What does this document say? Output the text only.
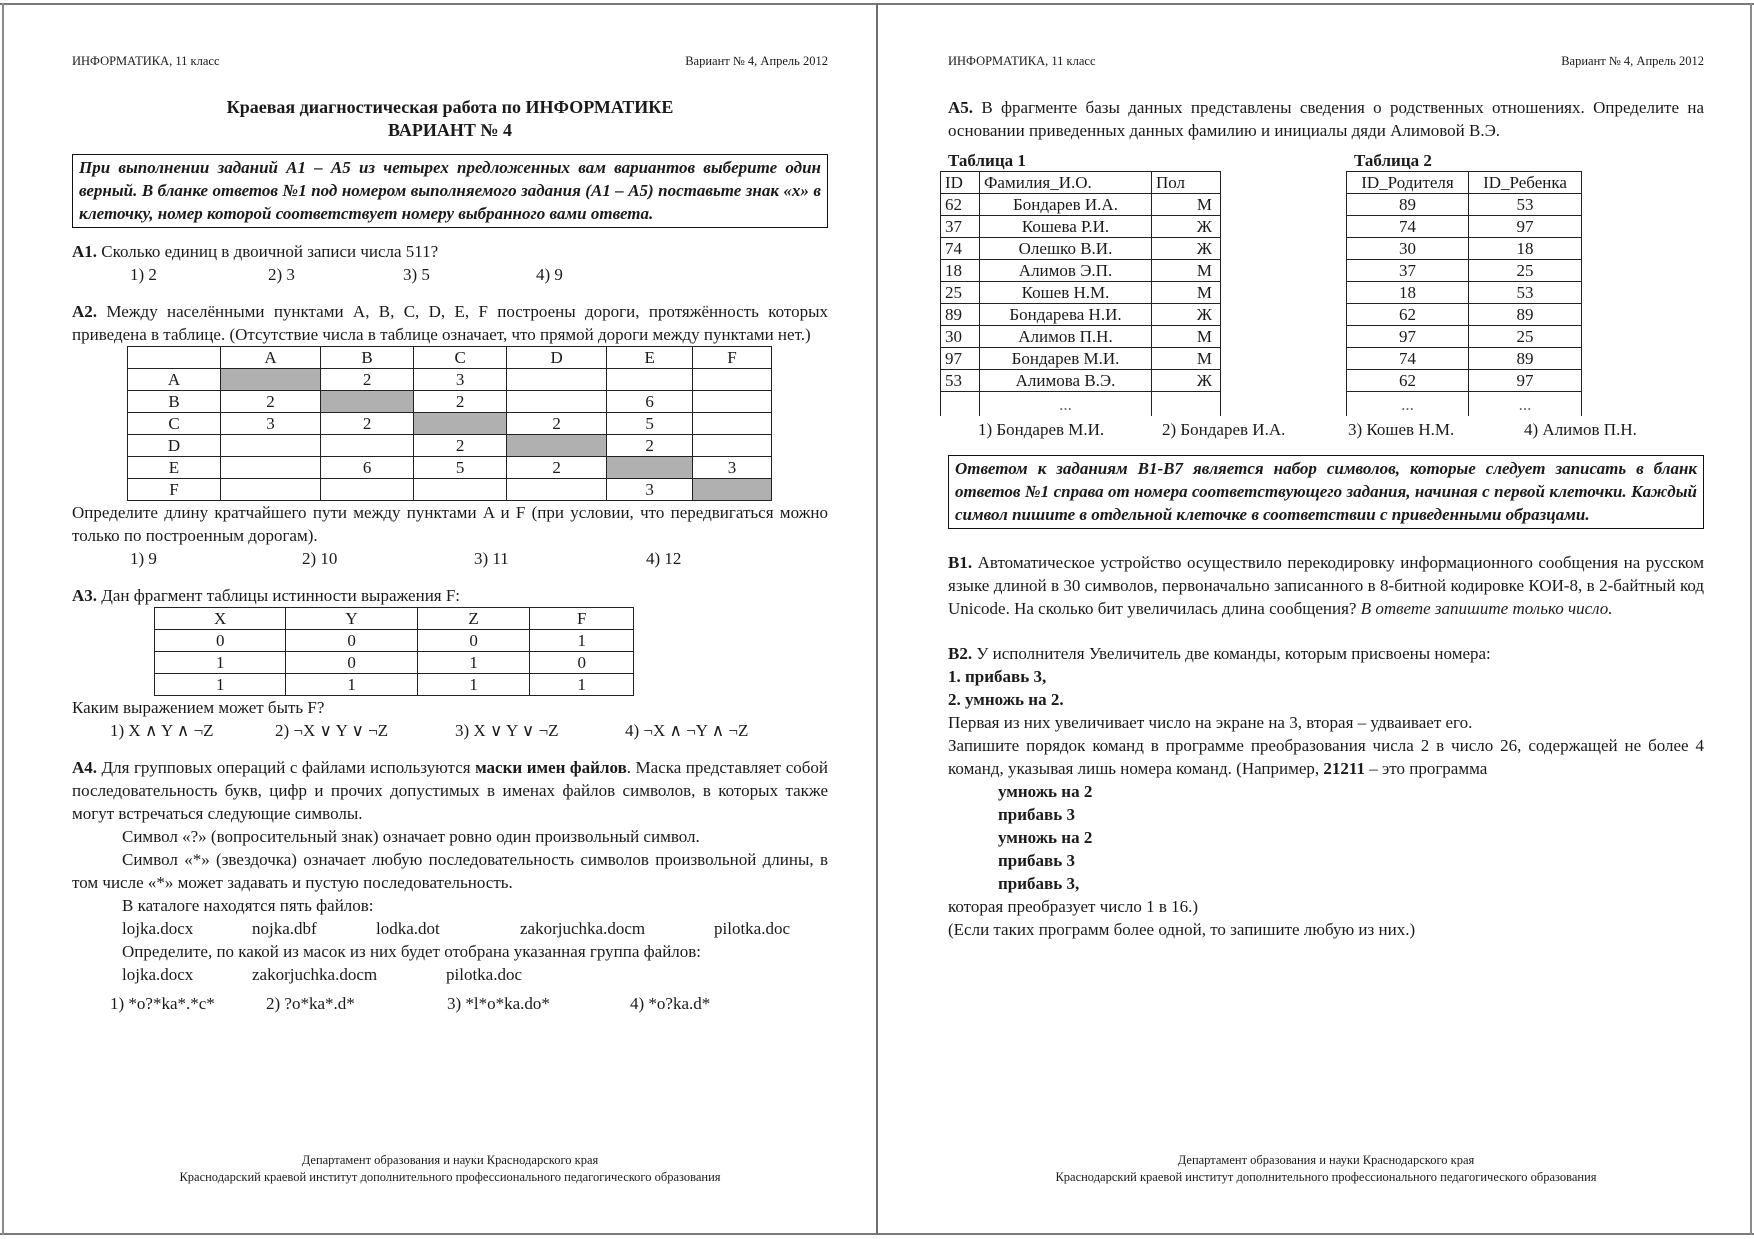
ИНФОРМАТИКА, 11 класс	Вариант № 4, Апрель 2012
Краевая диагностическая работа по ИНФОРМАТИКЕ
ВАРИАНТ № 4
При выполнении заданий А1 – А5 из четырех предложенных вам вариантов выберите один верный. В бланке ответов №1 под номером выполняемого задания (А1 – А5) поставьте знак «х» в клеточку, номер которой соответствует номеру выбранного вами ответа.
А1. Сколько единиц в двоичной записи числа 511?
1) 2	2) 3	3) 5	4) 9
А2. Между населёнными пунктами A, B, C, D, E, F построены дороги, протяжённость которых приведена в таблице. (Отсутствие числа в таблице означает, что прямой дороги между пунктами нет.)
	A	B	C	D	E	F
A		2	3			
B	2		2		6	
C	3	2		2	5	
D			2		2	
E		6	5	2		3
F					3	
Определите длину кратчайшего пути между пунктами A и F (при условии, что передвигаться можно только по построенным дорогам).
1) 9	2) 10	3) 11	4) 12
А3. Дан фрагмент таблицы истинности выражения F:
X	Y	Z	F
0	0	0	1
1	0	1	0
1	1	1	1
Каким выражением может быть F?
1) X ∧ Y ∧ ¬Z	2) ¬X ∨ Y ∨ ¬Z	3) X ∨ Y ∨ ¬Z	4) ¬X ∧ ¬Y ∧ ¬Z
А4. Для групповых операций с файлами используются маски имен файлов. Маска представляет собой последовательность букв, цифр и прочих допустимых в именах файлов символов, в которых также могут встречаться следующие символы.
Символ «?» (вопросительный знак) означает ровно один произвольный символ.
Символ «*» (звездочка) означает любую последовательность символов произвольной длины, в том числе «*» может задавать и пустую последовательность.
В каталоге находятся пять файлов:
lojka.docx	nojka.dbf	lodka.dot	zakorjuchka.docm	pilotka.doc
Определите, по какой из масок из них будет отобрана указанная группа файлов:
lojka.docx	zakorjuchka.docm	pilotka.doc
1) *o?*ka*.*c*	2) ?o*ka*.d*	3) *l*o*ka.do*	4) *o?ka.d*
Департамент образования и науки Краснодарского края
Краснодарский краевой институт дополнительного профессионального педагогического образования
ИНФОРМАТИКА, 11 класс	Вариант № 4, Апрель 2012
А5. В фрагменте базы данных представлены сведения о родственных отношениях. Определите на основании приведенных данных фамилию и инициалы дяди Алимовой В.Э.
Таблица 1
ID	Фамилия_И.О.	Пол
62	Бондарев И.А.	М
37	Кошева Р.И.	Ж
74	Олешко В.И.	Ж
18	Алимов Э.П.	М
25	Кошев Н.М.	М
89	Бондарева Н.И.	Ж
30	Алимов П.Н.	М
97	Бондарев М.И.	М
53	Алимова В.Э.	Ж
	...	
Таблица 2
ID_Родителя	ID_Ребенка
89	53
74	97
30	18
37	25
18	53
62	89
97	25
74	89
62	97
...	...
1) Бондарев М.И.	2) Бондарев И.А.	3) Кошев Н.М.	4) Алимов П.Н.
Ответом к заданиям В1-В7 является набор символов, которые следует записать в бланк ответов №1 справа от номера соответствующего задания, начиная с первой клеточки. Каждый символ пишите в отдельной клеточке в соответствии с приведенными образцами.
В1. Автоматическое устройство осуществило перекодировку информационного сообщения на русском языке длиной в 30 символов, первоначально записанного в 8-битной кодировке КОИ-8, в 2-байтный код Unicode. На сколько бит увеличилась длина сообщения? В ответе запишите только число.
В2. У исполнителя Увеличитель две команды, которым присвоены номера:
1. прибавь 3,
2. умножь на 2.
Первая из них увеличивает число на экране на 3, вторая – удваивает его.
Запишите порядок команд в программе преобразования числа 2 в число 26, содержащей не более 4 команд, указывая лишь номера команд. (Например, 21211 – это программа
умножь на 2
прибавь 3
умножь на 2
прибавь 3
прибавь 3,
которая преобразует число 1 в 16.)
(Если таких программ более одной, то запишите любую из них.)
Департамент образования и науки Краснодарского края
Краснодарский краевой институт дополнительного профессионального педагогического образования
